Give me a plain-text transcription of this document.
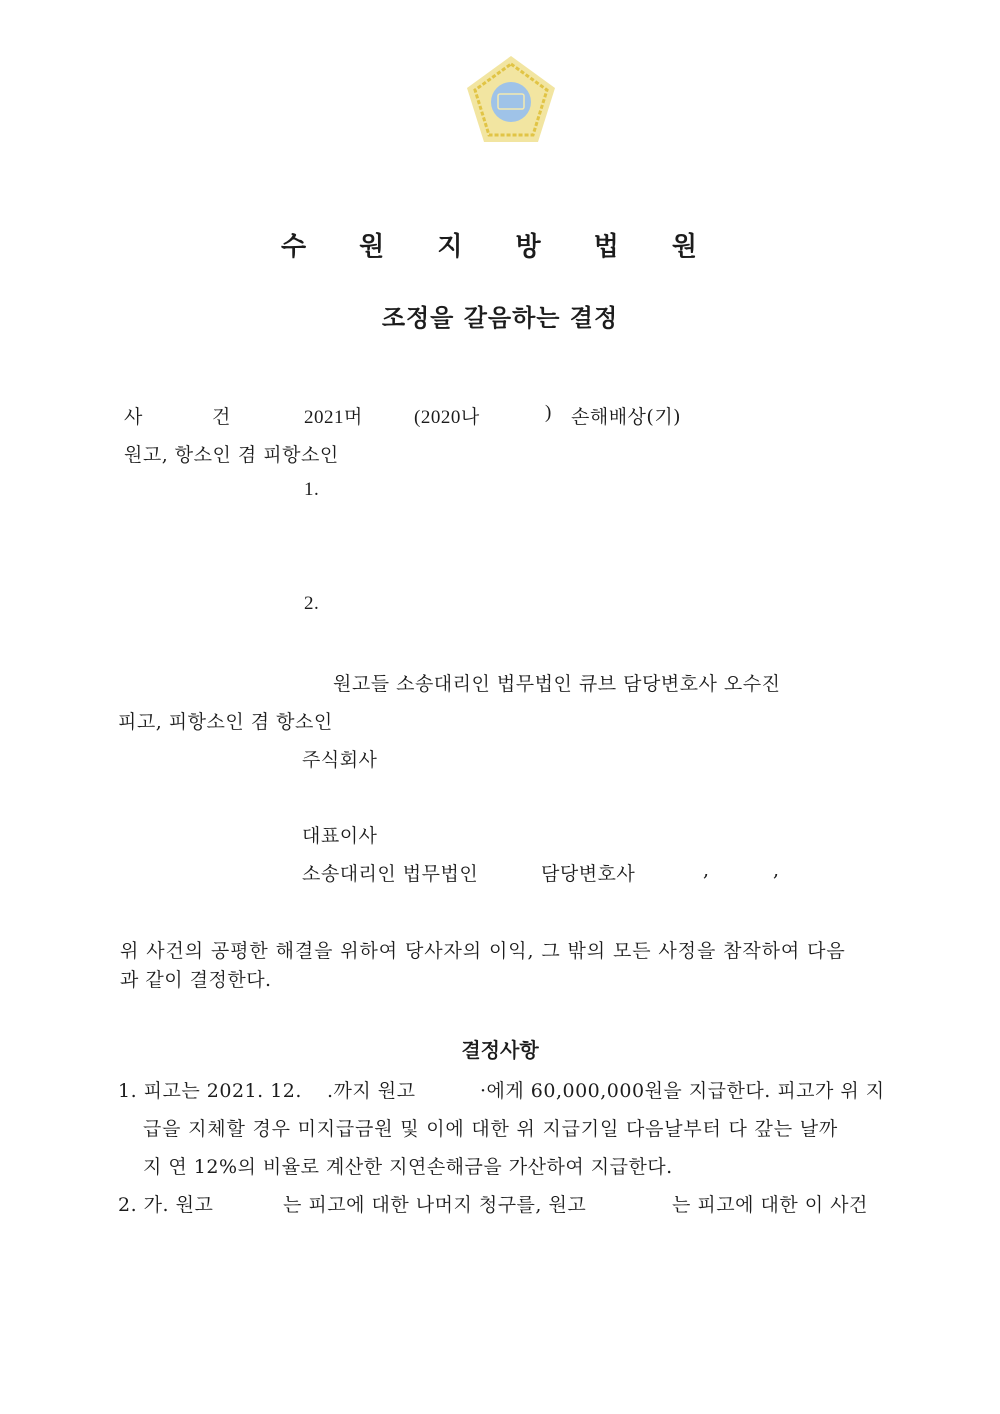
수 원 지 방 법 원
조정을 갈음하는 결정
사	건	2021머	(2020나	) 손해배상(기)
원고, 항소인 겸 피항소인
1.
2.
원고들 소송대리인 법무법인 큐브 담당변호사 오수진
피고, 피항소인 겸 항소인
주식회사
대표이사
소송대리인 법무법인	담당변호사	,	,
위 사건의 공평한 해결을 위하여 당사자의 이익, 그 밖의 모든 사정을 참작하여 다음
과 같이 결정한다.
결정사항
1. 피고는 2021. 12. .까지 원고	·에게 60,000,000원을 지급한다. 피고가 위 지
급을 지체할 경우 미지급금원 및 이에 대한 위 지급기일 다음날부터 다 갚는 날까
지 연 12%의 비율로 계산한 지연손해금을 가산하여 지급한다.
2. 가. 원고	는 피고에 대한 나머지 청구를, 원고	는 피고에 대한 이 사건
